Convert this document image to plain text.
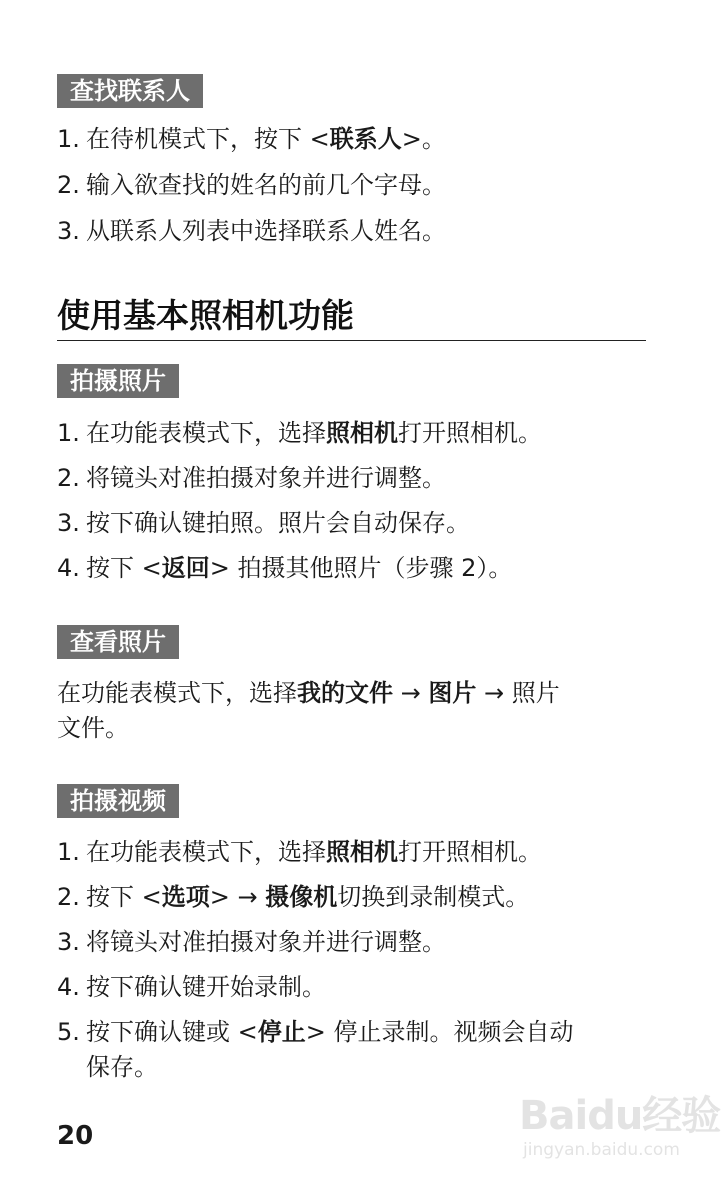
查找联系人
1. 在待机模式下，按下 <联系人>。
2. 输入欲查找的姓名的前几个字母。
3. 从联系人列表中选择联系人姓名。
使用基本照相机功能
拍摄照片
1. 在功能表模式下，选择照相机打开照相机。
2. 将镜头对准拍摄对象并进行调整。
3. 按下确认键拍照。照片会自动保存。
4. 按下 <返回> 拍摄其他照片（步骤 2）。
查看照片
在功能表模式下，选择我的文件 → 图片 → 照片
文件。
拍摄视频
1. 在功能表模式下，选择照相机打开照相机。
2. 按下 <选项> → 摄像机切换到录制模式。
3. 将镜头对准拍摄对象并进行调整。
4. 按下确认键开始录制。
5. 按下确认键或 <停止> 停止录制。视频会自动
保存。
20	Baidu经验
jingyan.baidu.com
